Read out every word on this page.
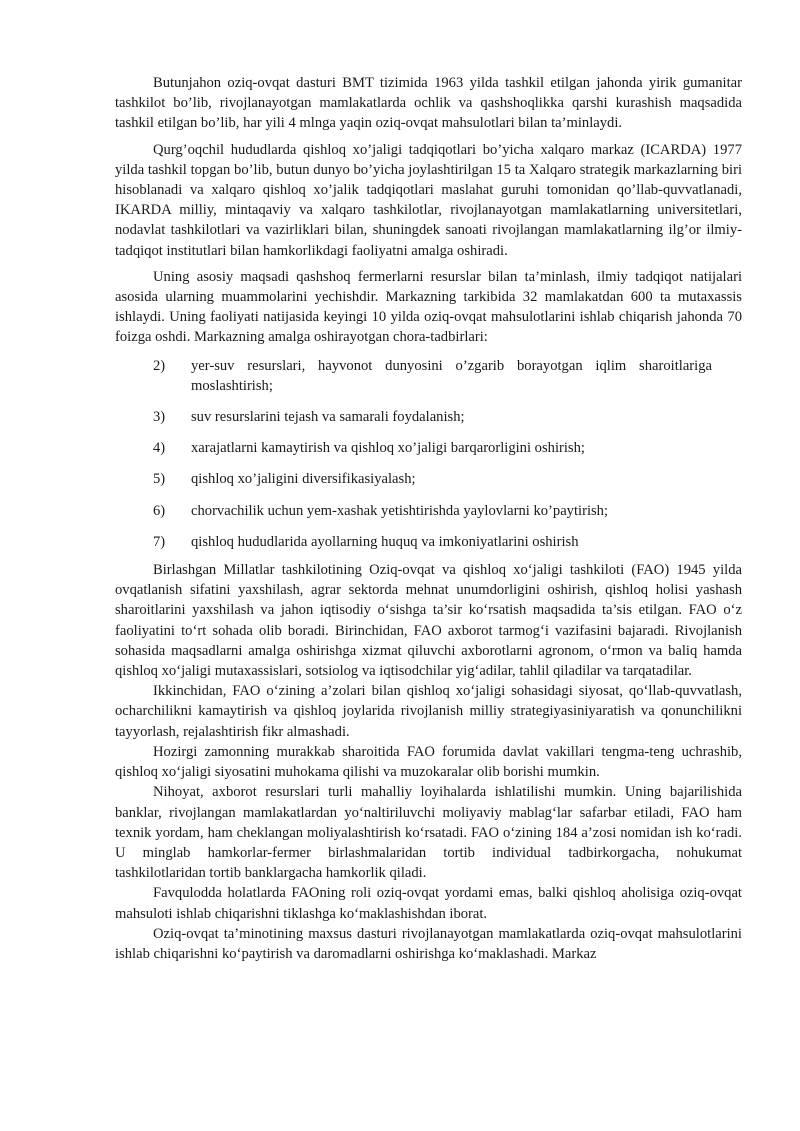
Butunjahon oziq-ovqat dasturi BMT tizimida 1963 yilda tashkil etilgan jahonda yirik gumanitar tashkilot bo’lib, rivojlanayotgan mamlakatlarda ochlik va qashshoqlikka qarshi kurashish maqsadida tashkil etilgan bo’lib, har yili 4 mlnga yaqin oziq-ovqat mahsulotlari bilan ta’minlaydi.

Qurg’oqchil hududlarda qishloq xo’jaligi tadqiqotlari bo’yicha xalqaro markaz (ICARDA) 1977 yilda tashkil topgan bo’lib, butun dunyo bo’yicha joylashtirilgan 15 ta Xalqaro strategik markazlarning biri hisoblanadi va xalqaro qishloq xo’jalik tadqiqotlari maslahat guruhi tomonidan qo’llab-quvvatlanadi, IKARDA milliy, mintaqaviy va xalqaro tashkilotlar, rivojlanayotgan mamlakatlarning universitetlari, nodavlat tashkilotlari va vazirliklari bilan, shuningdek sanoati rivojlangan mamlakatlarning ilg’or ilmiy-tadqiqot institutlari bilan hamkorlikdagi faoliyatni amalga oshiradi.

Uning asosiy maqsadi qashshoq fermerlarni resurslar bilan ta’minlash, ilmiy tadqiqot natijalari asosida ularning muammolarini yechishdir. Markazning tarkibida 32 mamlakatdan 600 ta mutaxassis ishlaydi. Uning faoliyati natijasida keyingi 10 yilda oziq-ovqat mahsulotlarini ishlab chiqarish jahonda 70 foizga oshdi. Markazning amalga oshirayotgan chora-tadbirlari:

2) yer-suv resurslari, hayvonot dunyosini o’zgarib borayotgan iqlim sharoitlariga moslashtirish;
3) suv resurslarini tejash va samarali foydalanish;
4) xarajatlarni kamaytirish va qishloq xo’jaligi barqarorligini oshirish;
5) qishloq xo’jaligini diversifikasiyalash;
6) chorvachilik uchun yem-xashak yetishtirishda yaylovlarni ko’paytirish;
7) qishloq hududlarida ayollarning huquq va imkoniyatlarini oshirish

Birlashgan Millatlar tashkilotining Oziq-ovqat va qishloq xo‘jaligi tashkiloti (FAO) 1945 yilda ovqatlanish sifatini yaxshilash, agrar sektorda mehnat unumdorligini oshirish, qishloq holisi yashash sharoitlarini yaxshilash va jahon iqtisodiy o‘sishga ta’sir ko‘rsatish maqsadida ta’sis etilgan. FAO o‘z faoliyatini to‘rt sohada olib boradi. Birinchidan, FAO axborot tarmog‘i vazifasini bajaradi. Rivojlanish sohasida maqsadlarni amalga oshirishga xizmat qiluvchi axborotlarni agronom, o‘rmon va baliq hamda qishloq xo‘jaligi mutaxassislari, sotsiolog va iqtisodchilar yig‘adilar, tahlil qiladilar va tarqatadilar.

Ikkinchidan, FAO o‘zining a’zolari bilan qishloq xo‘jaligi sohasidagi siyosat, qo‘llab-quvvatlash, ocharchilikni kamaytirish va qishloq joylarida rivojlanish milliy strategiyasiniyaratish va qonunchilikni tayyorlash, rejalashtirish fikr almashadi.

Hozirgi zamonning murakkab sharoitida FAO forumida davlat vakillari tengma-teng uchrashib, qishloq xo‘jaligi siyosatini muhokama qilishi va muzokaralar olib borishi mumkin.

Nihoyat, axborot resurslari turli mahalliy loyihalarda ishlatilishi mumkin. Uning bajarilishida banklar, rivojlangan mamlakatlardan yo‘naltiriluvchi moliyaviy mablag‘lar safarbar etiladi, FAO ham texnik yordam, ham cheklangan moliyalashtirish ko‘rsatadi. FAO o‘zining 184 a’zosi nomidan ish ko‘radi. U minglab hamkorlar-fermer birlashmalaridan tortib individual tadbirkorgacha, nohukumat tashkilotlaridan tortib banklargacha hamkorlik qiladi.

Favqulodda holatlarda FAOning roli oziq-ovqat yordami emas, balki qishloq aholisiga oziq-ovqat mahsuloti ishlab chiqarishni tiklashga ko‘maklashishdan iborat.

Oziq-ovqat ta’minotining maxsus dasturi rivojlanayotgan mamlakatlarda oziq-ovqat mahsulotlarini ishlab chiqarishni ko‘paytirish va daromadlarni oshirishga ko‘maklashadi. Markaz
